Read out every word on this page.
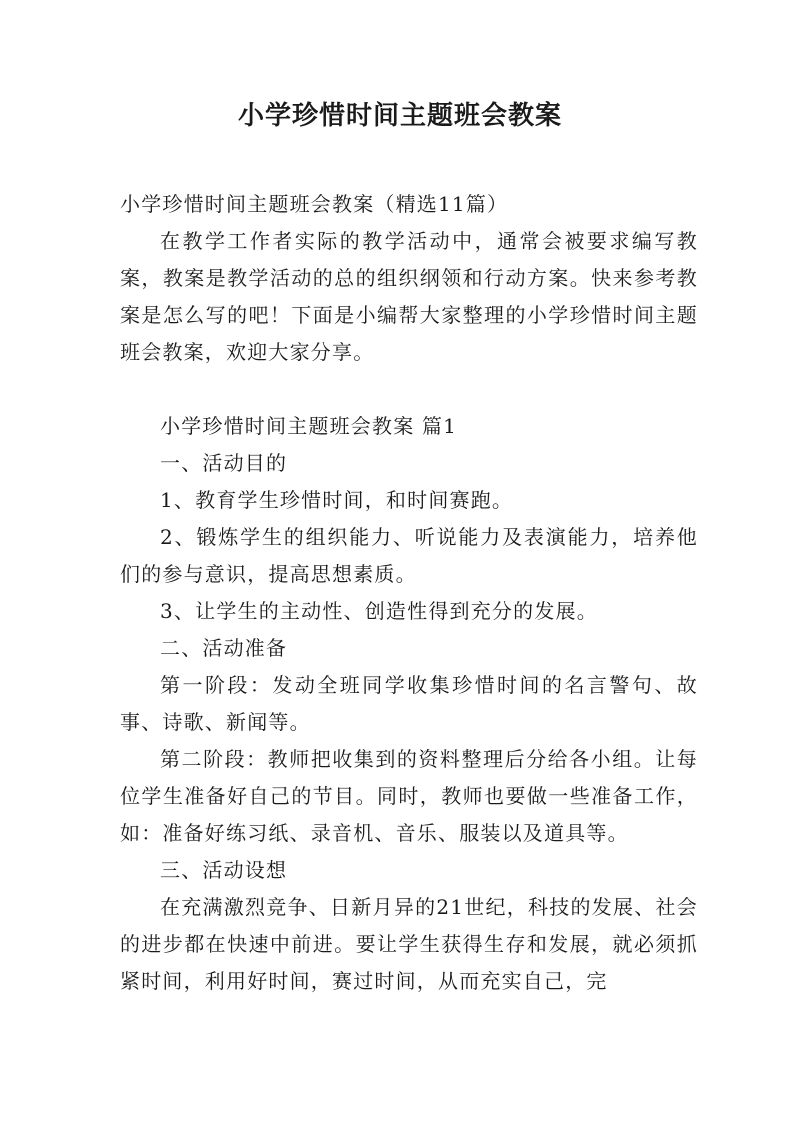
小学珍惜时间主题班会教案

小学珍惜时间主题班会教案（精选11篇）

在教学工作者实际的教学活动中，通常会被要求编写教案，教案是教学活动的总的组织纲领和行动方案。快来参考教案是怎么写的吧！下面是小编帮大家整理的小学珍惜时间主题班会教案，欢迎大家分享。

小学珍惜时间主题班会教案 篇1

一、活动目的

1、教育学生珍惜时间，和时间赛跑。

2、锻炼学生的组织能力、听说能力及表演能力，培养他们的参与意识，提高思想素质。

3、让学生的主动性、创造性得到充分的发展。

二、活动准备

第一阶段：发动全班同学收集珍惜时间的名言警句、故事、诗歌、新闻等。

第二阶段：教师把收集到的资料整理后分给各小组。让每位学生准备好自己的节目。同时，教师也要做一些准备工作，如：准备好练习纸、录音机、音乐、服装以及道具等。

三、活动设想

在充满激烈竞争、日新月异的21世纪，科技的发展、社会的进步都在快速中前进。要让学生获得生存和发展，就必须抓紧时间，利用好时间，赛过时间，从而充实自己，完
